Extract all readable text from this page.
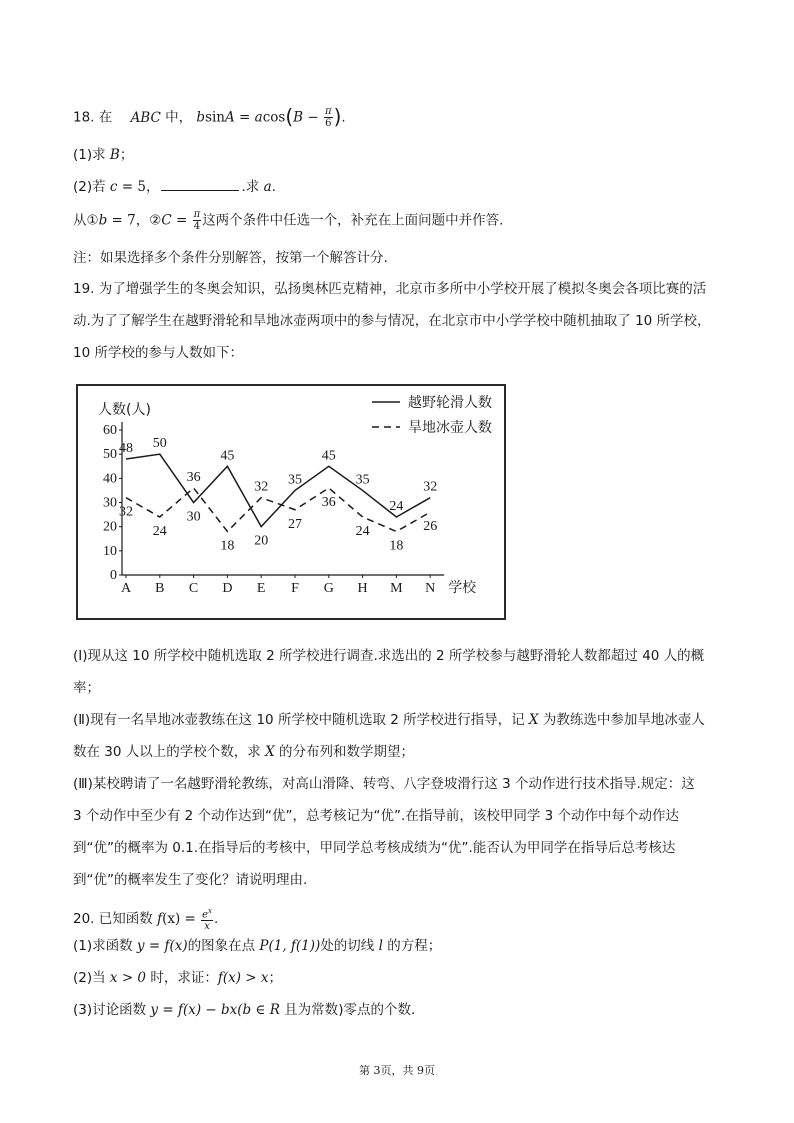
18. 在 ABC 中， $bsinA = acos(B - \frac{\pi}{6}$ ).
(1)求 B；
(2)若 c = 5，	.求 a.
从①b = 7，②C = $\frac{\pi}{4}$ 这两个条件中任选一个，补充在上面问题中并作答.
注：如果选择多个条件分别解答，按第一个解答计分.
19. 为了增强学生的冬奥会知识，弘扬奥林匹克精神，北京市多所中小学校开展了模拟冬奥会各项比赛的活
动.为了了解学生在越野滑轮和旱地冰壶两项中的参与情况，在北京市中小学学校中随机抽取了 10 所学校，
10 所学校的参与人数如下：
0
10
20
30
40
50
60
A B C D E F G H M N
人数(人)
学校
48 50
36
45
32 35
45
35
24
32
32
24
30
18 20
27
36
24
18
26
越野轮滑人数
旱地冰壶人数
(Ⅰ)现从这 10 所学校中随机选取 2 所学校进行调查.求选出的 2 所学校参与越野滑轮人数都超过 40 人的概
率；
(Ⅱ)现有一名旱地冰壶教练在这 10 所学校中随机选取 2 所学校进行指导，记 X 为教练选中参加旱地冰壶人
数在 30 人以上的学校个数，求 X 的分布列和数学期望；
(Ⅲ)某校聘请了一名越野滑轮教练，对高山滑降、转弯、八字登坡滑行这 3 个动作进行技术指导.规定：这
3 个动作中至少有 2 个动作达到“优”，总考核记为“优”.在指导前，该校甲同学 3 个动作中每个动作达
到“优”的概率为 0.1.在指导后的考核中，甲同学总考核成绩为“优”.能否认为甲同学在指导后总考核达
到“优”的概率发生了变化？请说明理由.
20. 已知函数 $f(x) = \frac{e^x}{x}$ .
(1)求函数 y = f(x)的图象在点 P(1, f(1))处的切线 l 的方程；
(2)当 x > 0 时，求证：f(x) > x；
(3)讨论函数 y = f(x) − bx(b ∈ R 且为常数)零点的个数.
第 3页，共 9页
